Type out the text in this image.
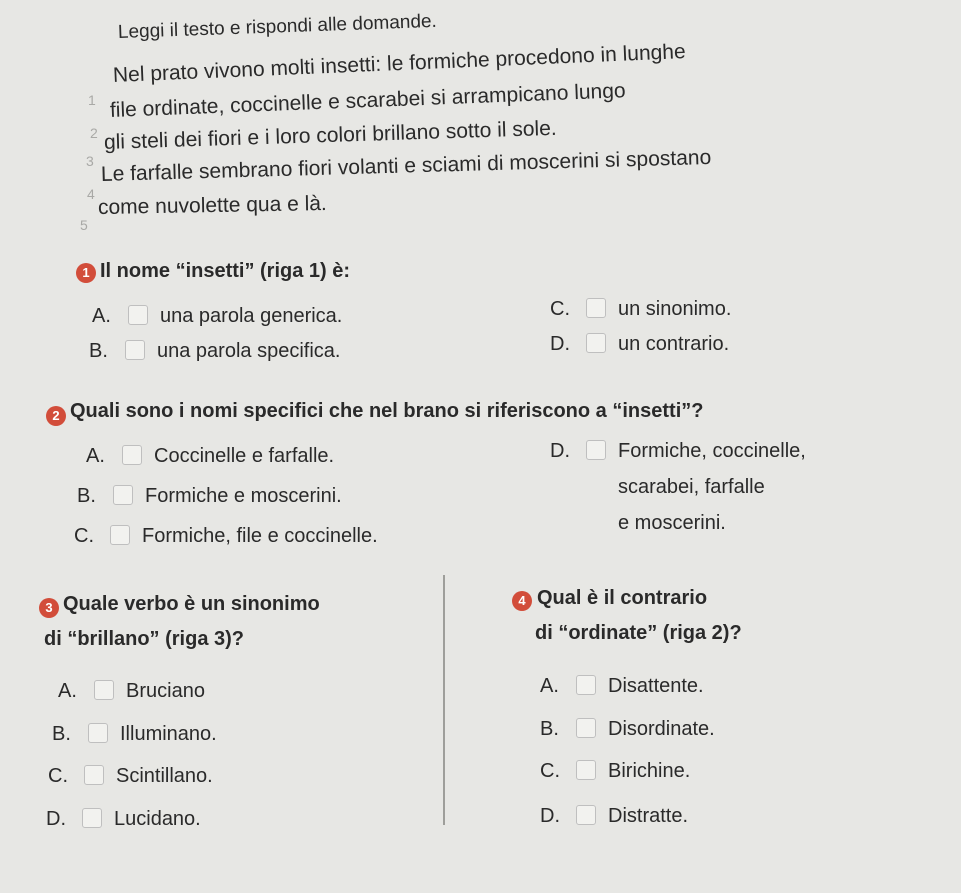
Leggi il testo e rispondi alle domande.
1
Nel prato vivono molti insetti: le formiche procedono in lunghe
2
file ordinate, coccinelle e scarabei si arrampicano lungo
3
gli steli dei fiori e i loro colori brillano sotto il sole.
4
Le farfalle sembrano fiori volanti e sciami di moscerini si spostano
5
come nuvolette qua e là.
1 Il nome “insetti” (riga 1) è:
A. una parola generica.
B. una parola specifica.
C. un sinonimo.
D. un contrario.
2 Quali sono i nomi specifici che nel brano si riferiscono a “insetti”?
A. Coccinelle e farfalle.
B. Formiche e moscerini.
C. Formiche, file e coccinelle.
D. Formiche, coccinelle,
scarabei, farfalle
e moscerini.
3 Quale verbo è un sinonimo
di “brillano” (riga 3)?
A. Bruciano
B. Illuminano.
C. Scintillano.
D. Lucidano.
4 Qual è il contrario
di “ordinate” (riga 2)?
A. Disattente.
B. Disordinate.
C. Birichine.
D. Distratte.
